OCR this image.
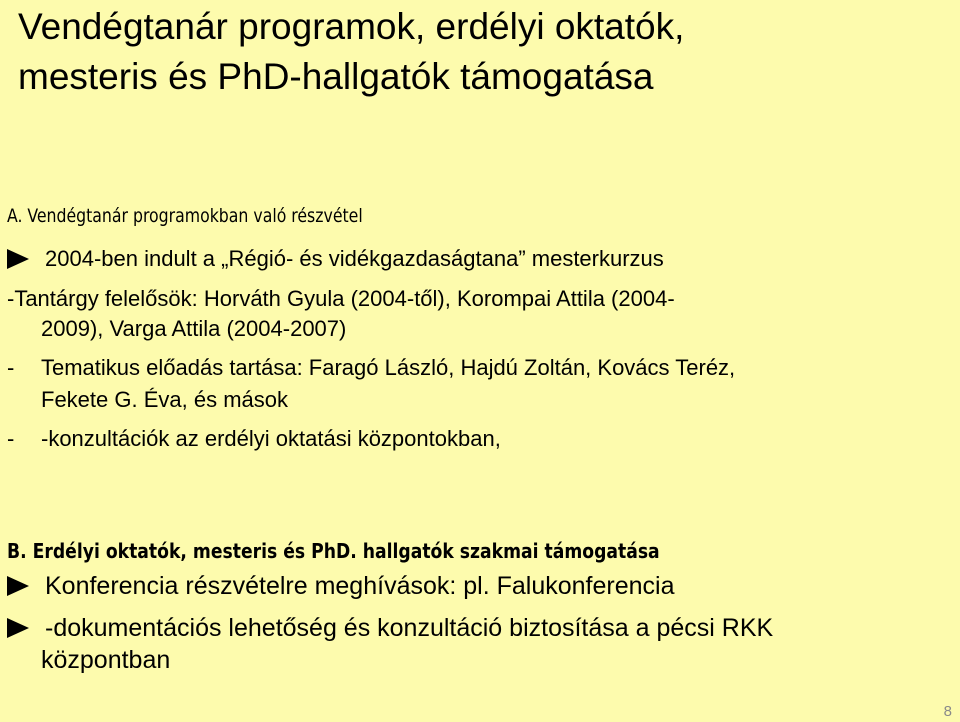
Vendégtanár programok, erdélyi oktatók,
mesteris és PhD-hallgatók támogatása
A. Vendégtanár programokban való részvétel
2004-ben indult a „Régió- és vidékgazdaságtana” mesterkurzus
-Tantárgy felelősök: Horváth Gyula (2004-től), Korompai Attila (2004-
2009), Varga Attila (2004-2007)
- Tematikus előadás tartása: Faragó László, Hajdú Zoltán, Kovács Teréz,
Fekete G. Éva, és mások
- -konzultációk az erdélyi oktatási központokban,
B. Erdélyi oktatók, mesteris és PhD. hallgatók szakmai támogatása
Konferencia részvételre meghívások: pl. Falukonferencia
-dokumentációs lehetőség és konzultáció biztosítása a pécsi RKK
központban
8
